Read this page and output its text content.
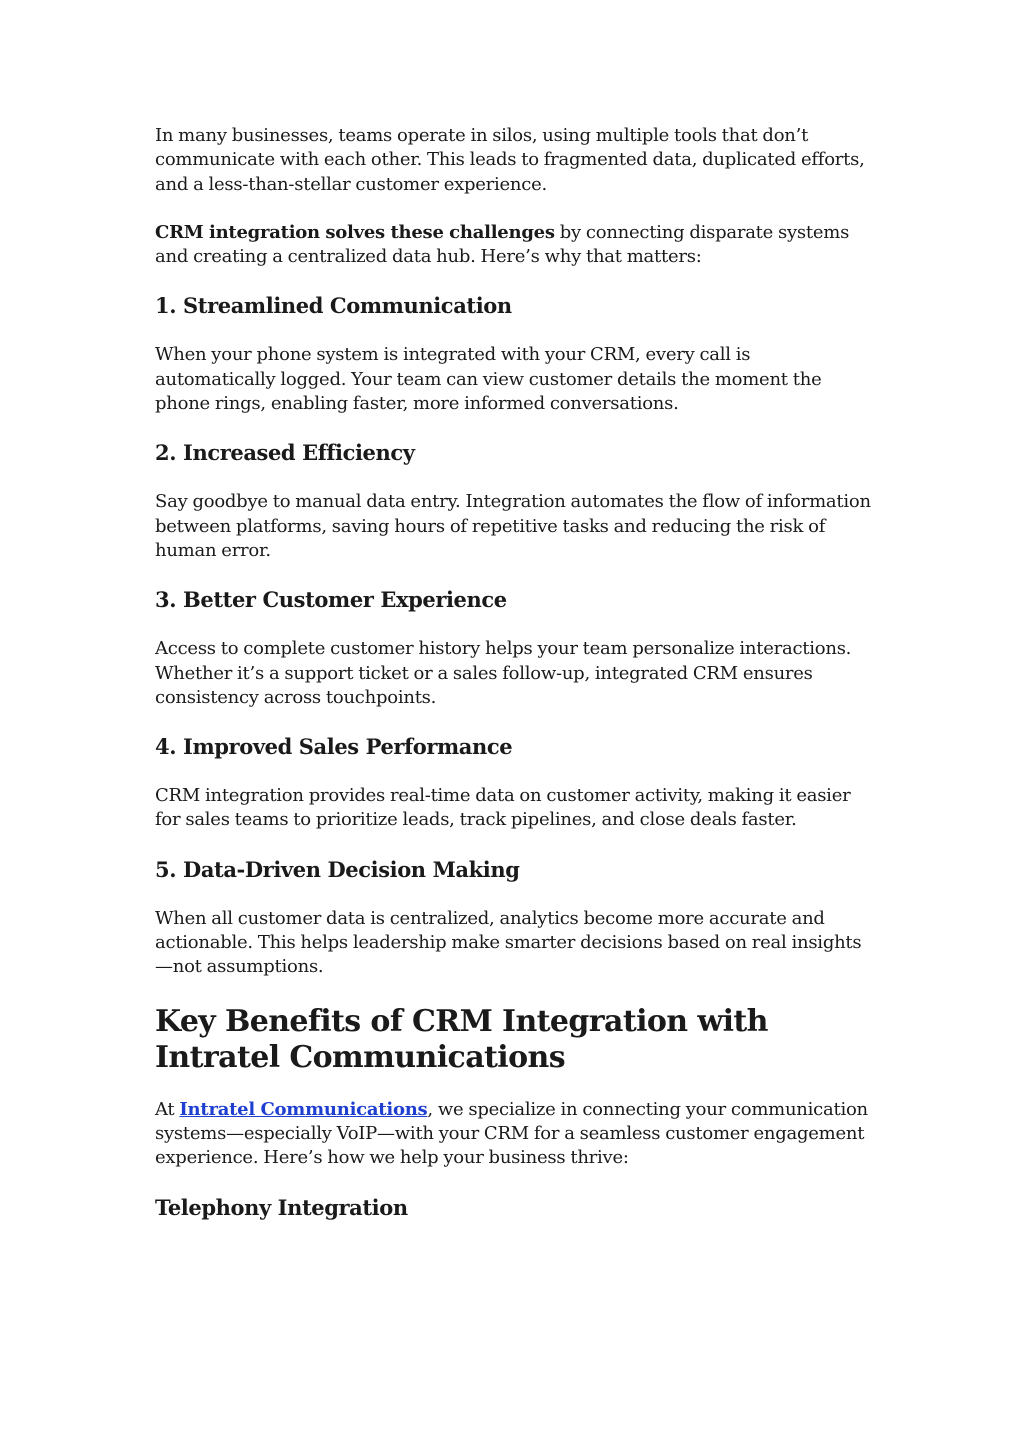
In many businesses, teams operate in silos, using multiple tools that don’t communicate with each other. This leads to fragmented data, duplicated efforts, and a less-than-stellar customer experience.

CRM integration solves these challenges by connecting disparate systems and creating a centralized data hub. Here’s why that matters:

1. Streamlined Communication

When your phone system is integrated with your CRM, every call is automatically logged. Your team can view customer details the moment the phone rings, enabling faster, more informed conversations.

2. Increased Efficiency

Say goodbye to manual data entry. Integration automates the flow of information between platforms, saving hours of repetitive tasks and reducing the risk of human error.

3. Better Customer Experience

Access to complete customer history helps your team personalize interactions. Whether it’s a support ticket or a sales follow-up, integrated CRM ensures consistency across touchpoints.

4. Improved Sales Performance

CRM integration provides real-time data on customer activity, making it easier for sales teams to prioritize leads, track pipelines, and close deals faster.

5. Data-Driven Decision Making

When all customer data is centralized, analytics become more accurate and actionable. This helps leadership make smarter decisions based on real insights—not assumptions.

Key Benefits of CRM Integration with Intratel Communications

At Intratel Communications, we specialize in connecting your communication systems—especially VoIP—with your CRM for a seamless customer engagement experience. Here’s how we help your business thrive:

Telephony Integration
